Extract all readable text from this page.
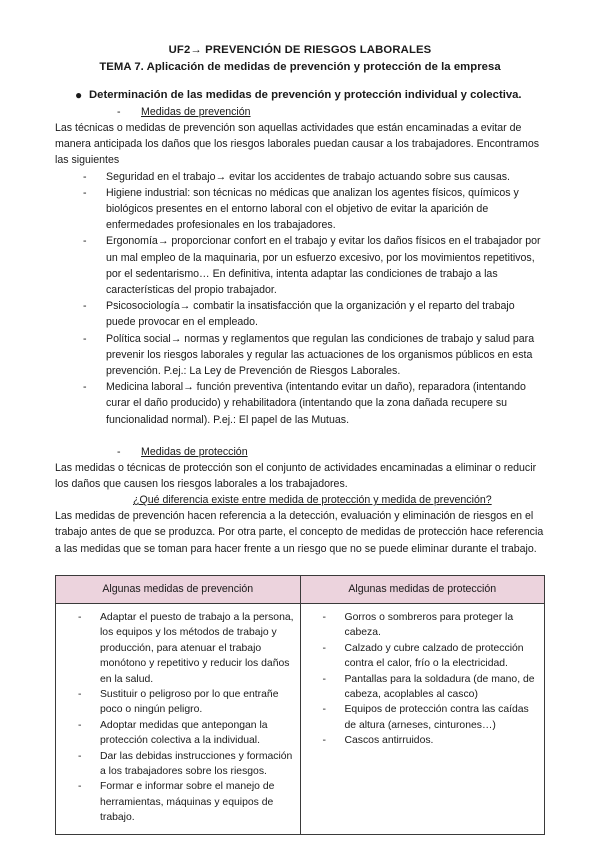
UF2→ PREVENCIÓN DE RIESGOS LABORALES
TEMA 7. Aplicación de medidas de prevención y protección de la empresa
● Determinación de las medidas de prevención y protección individual y colectiva.
-	Medidas de prevención

Las técnicas o medidas de prevención son aquellas actividades que están encaminadas a evitar de manera anticipada los daños que los riesgos laborales puedan causar a los trabajadores. Encontramos las siguientes

-	Seguridad en el trabajo→ evitar los accidentes de trabajo actuando sobre sus causas.
-	Higiene industrial: son técnicas no médicas que analizan los agentes físicos, químicos y biológicos presentes en el entorno laboral con el objetivo de evitar la aparición de enfermedades profesionales en los trabajadores.
-	Ergonomía→ proporcionar confort en el trabajo y evitar los daños físicos en el trabajador por un mal empleo de la maquinaria, por un esfuerzo excesivo, por los movimientos repetitivos, por el sedentarismo… En definitiva, intenta adaptar las condiciones de trabajo a las características del propio trabajador.
-	Psicosociología→ combatir la insatisfacción que la organización y el reparto del trabajo puede provocar en el empleado.
-	Política social→ normas y reglamentos que regulan las condiciones de trabajo y salud para prevenir los riesgos laborales y regular las actuaciones de los organismos públicos en esta prevención. P.ej.: La Ley de Prevención de Riesgos Laborales.
-	Medicina laboral→ función preventiva (intentando evitar un daño), reparadora (intentando curar el daño producido) y rehabilitadora (intentando que la zona dañada recupere su funcionalidad normal). P.ej.: El papel de las Mutuas.
-	Medidas de protección

Las medidas o técnicas de protección son el conjunto de actividades encaminadas a eliminar o reducir los daños que causen los riesgos laborales a los trabajadores.

¿Qué diferencia existe entre medida de protección y medida de prevención?

Las medidas de prevención hacen referencia a la detección, evaluación y eliminación de riesgos en el trabajo antes de que se produzca. Por otra parte, el concepto de medidas de protección hace referencia a las medidas que se toman para hacer frente a un riesgo que no se puede eliminar durante el trabajo.

Algunas medidas de prevención	Algunas medidas de protección

-	Adaptar el puesto de trabajo a la persona, los equipos y los métodos de trabajo y producción, para atenuar el trabajo monótono y repetitivo y reducir los daños en la salud.
-	Sustituir o peligroso por lo que entrañe poco o ningún peligro.
-	Adoptar medidas que antepongan la protección colectiva a la individual.
-	Dar las debidas instrucciones y formación a los trabajadores sobre los riesgos.
-	Formar e informar sobre el manejo de herramientas, máquinas y equipos de trabajo.

-	Gorros o sombreros para proteger la cabeza.
-	Calzado y cubre calzado de protección contra el calor, frío o la electricidad.
-	Pantallas para la soldadura (de mano, de cabeza, acoplables al casco)
-	Equipos de protección contra las caídas de altura (arneses, cinturones…)
-	Cascos antirruidos.
